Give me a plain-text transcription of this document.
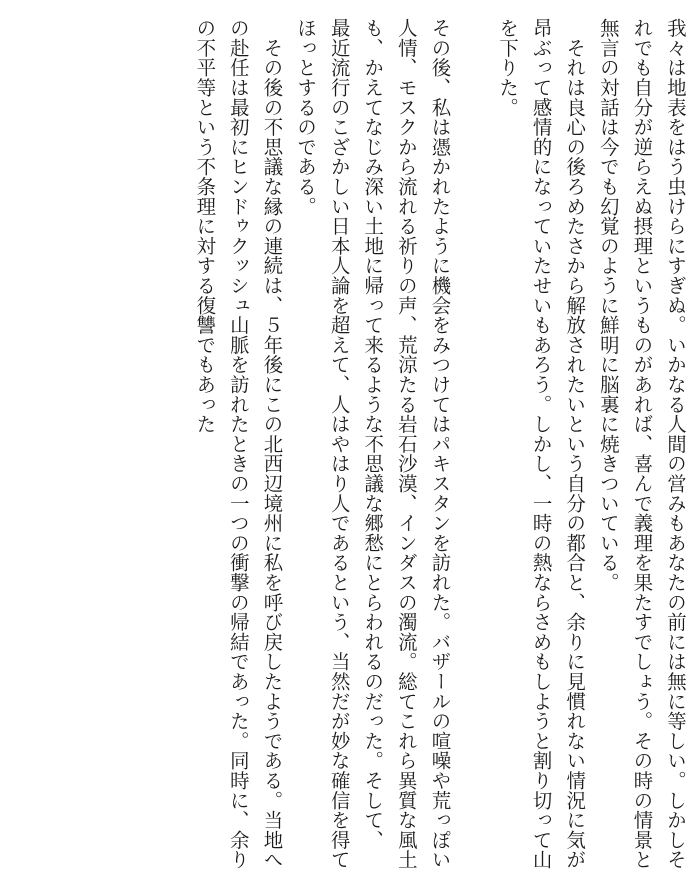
我々は地表をはう虫けらにすぎぬ。いかなる人間の営みもあなたの前には無に等しい。しかしそ
れでも自分が逆らえぬ摂理というものがあれば、喜んで義理を果たすでしょう。その時の情景と
無言の対話は今でも幻覚のように鮮明に脳裏に焼きついている。
　それは良心の後ろめたさから解放されたいという自分の都合と、余りに見慣れない情況に気が
昂ぶって感情的になっていたせいもあろう。しかし、一時の熱ならさめもしようと割り切って山
を下りた。
その後、私は憑かれたように機会をみつけてはパキスタンを訪れた。バザールの喧噪や荒っぽい
人情、モスクから流れる祈りの声、荒涼たる岩石沙漠、インダスの濁流。総てこれら異質な風土
も、かえてなじみ深い土地に帰って来るような不思議な郷愁にとらわれるのだった。そして、
最近流行のこざかしい日本人論を超えて、人はやはり人であるという、当然だが妙な確信を得て
ほっとするのである。
　その後の不思議な縁の連続は、５年後にこの北西辺境州に私を呼び戻したようである。当地へ
の赴任は最初にヒンドゥクッシュ山脈を訪れたときの一つの衝撃の帰結であった。同時に、余り
の不平等という不条理に対する復讐でもあった
